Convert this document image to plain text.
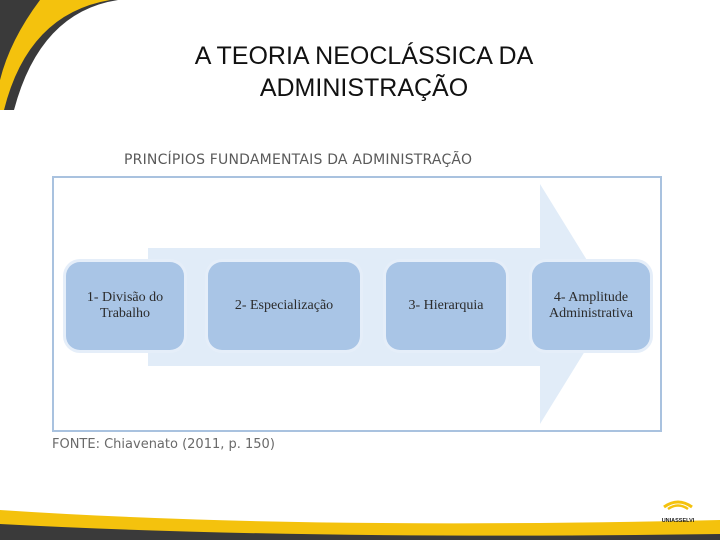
A TEORIA NEOCLÁSSICA DA
ADMINISTRAÇÃO
PRINCÍPIOS FUNDAMENTAIS DA ADMINISTRAÇÃO
1- Divisão do
Trabalho
2- Especialização	3- Hierarquia
4- Amplitude
Administrativa
FONTE: Chiavenato (2011, p. 150)
UNIASSELVI
